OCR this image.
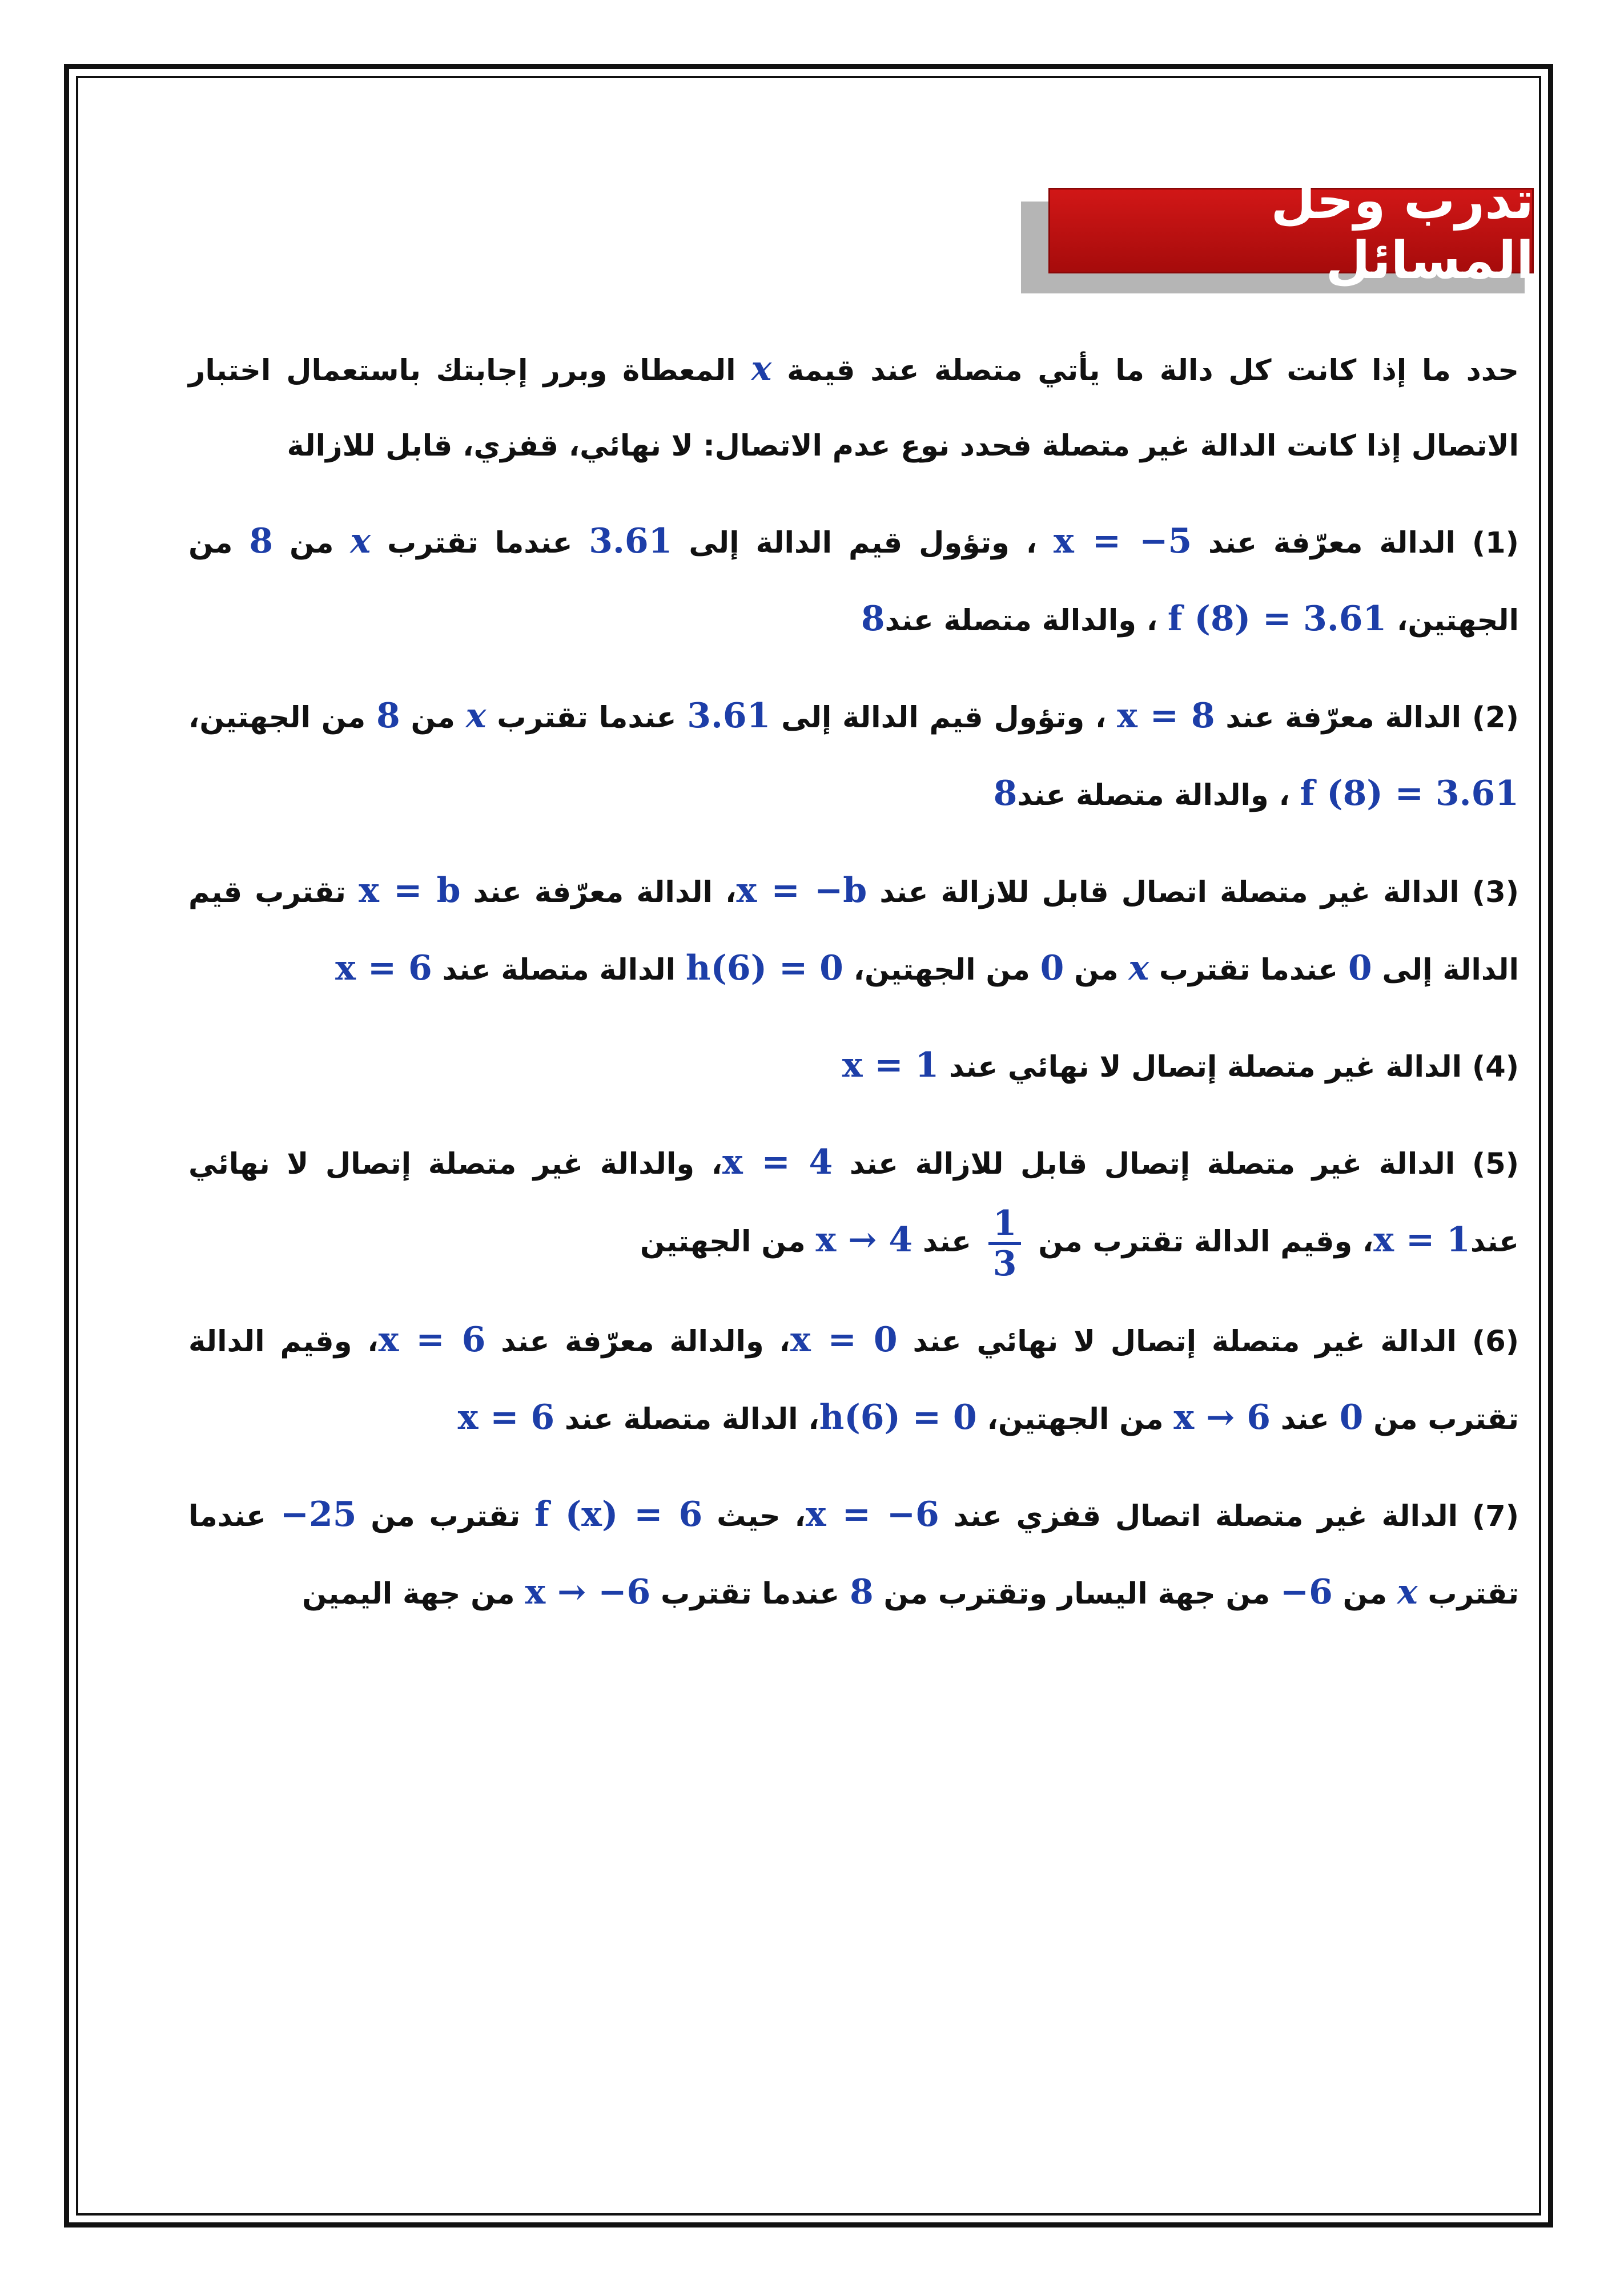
تدرب وحل المسائل

حدد ما إذا كانت كل دالة ما يأتي متصلة عند قيمة x المعطاة وبرر إجابتك باستعمال اختبار الاتصال إذا كانت الدالة غير متصلة فحدد نوع عدم الاتصال: لا نهائي، قفزي، قابل للازالة

(1) الدالة معرّفة عند x = −5 ، وتؤول قيم الدالة إلى 3.61 عندما تقترب x من 8 من الجهتين، f (8) = 3.61 ، والدالة متصلة عند8

(2) الدالة معرّفة عند x = 8 ، وتؤول قيم الدالة إلى 3.61 عندما تقترب x من 8 من الجهتين، f (8) = 3.61 ، والدالة متصلة عند8

(3) الدالة غير متصلة اتصال قابل للازالة عند x = −b، الدالة معرّفة عند x = b تقترب قيم الدالة إلى 0 عندما تقترب x من 0 من الجهتين، h(6) = 0 الدالة متصلة عند x = 6

(4) الدالة غير متصلة إتصال لا نهائي عند x = 1

(5) الدالة غير متصلة إتصال قابل للازالة عند x = 4، والدالة غير متصلة إتصال لا نهائي عندx = 1، وقيم الدالة تقترب من
$\frac{1}{3}$
عند x → 4 من الجهتين

(6) الدالة غير متصلة إتصال لا نهائي عند x = 0، والدالة معرّفة عند x = 6، وقيم الدالة تقترب من 0 عند x → 6 من الجهتين، h(6) = 0، الدالة متصلة عند x = 6

(7) الدالة غير متصلة اتصال قفزي عند x = −6، حيث f (x) = 6 تقترب من −25 عندما تقترب x من −6 من جهة اليسار وتقترب من 8 عندما تقترب x → −6 من جهة اليمين
